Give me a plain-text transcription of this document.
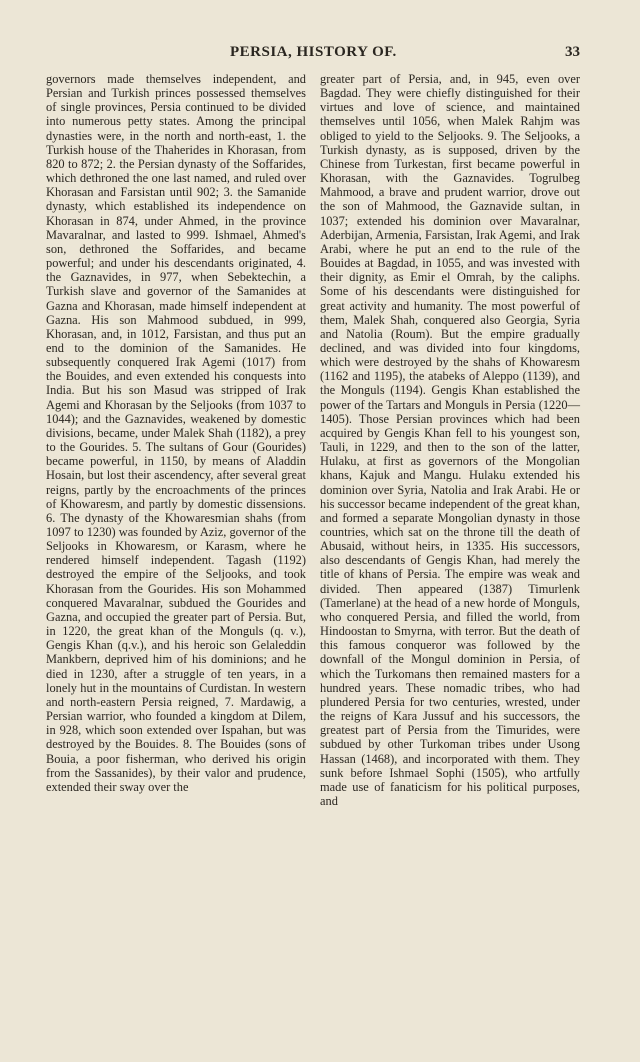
PERSIA, HISTORY OF.	33

governors made themselves independent, and Persian and Turkish princes possessed themselves of single provinces, Persia continued to be divided into numerous petty states. Among the principal dynasties were, in the north and north-east, 1. the Turkish house of the Thaherides in Khorasan, from 820 to 872; 2. the Persian dynasty of the Soffarides, which dethroned the one last named, and ruled over Khorasan and Farsistan until 902; 3. the Samanide dynasty, which established its independence on Khorasan in 874, under Ahmed, in the province Mavaralnar, and lasted to 999. Ishmael, Ahmed's son, dethroned the Soffarides, and became powerful; and under his descendants originated, 4. the Gaznavides, in 977, when Sebektechin, a Turkish slave and governor of the Samanides at Gazna and Khorasan, made himself independent at Gazna. His son Mahmood subdued, in 999, Khorasan, and, in 1012, Farsistan, and thus put an end to the dominion of the Samanides. He subsequently conquered Irak Agemi (1017) from the Bouides, and even extended his conquests into India. But his son Masud was stripped of Irak Agemi and Khorasan by the Seljooks (from 1037 to 1044); and the Gaznavides, weakened by domestic divisions, became, under Malek Shah (1182), a prey to the Gourides. 5. The sultans of Gour (Gourides) became powerful, in 1150, by means of Aladdin Hosain, but lost their ascendency, after several great reigns, partly by the encroachments of the princes of Khowaresm, and partly by domestic dissensions. 6. The dynasty of the Khowaresmian shahs (from 1097 to 1230) was founded by Aziz, governor of the Seljooks in Khowaresm, or Karasm, where he rendered himself independent. Tagash (1192) destroyed the empire of the Seljooks, and took Khorasan from the Gourides. His son Mohammed conquered Mavaralnar, subdued the Gourides and Gazna, and occupied the greater part of Persia. But, in 1220, the great khan of the Monguls (q. v.), Gengis Khan (q.v.), and his heroic son Gelaleddin Mankbern, deprived him of his dominions; and he died in 1230, after a struggle of ten years, in a lonely hut in the mountains of Curdistan. In western and north-eastern Persia reigned, 7. Mardawig, a Persian warrior, who founded a kingdom at Dilem, in 928, which soon extended over Ispahan, but was destroyed by the Bouides. 8. The Bouides (sons of Bouia, a poor fisherman, who derived his origin from the Sassanides), by their valor and prudence, extended their sway over the

greater part of Persia, and, in 945, even over Bagdad. They were chiefly distinguished for their virtues and love of science, and maintained themselves until 1056, when Malek Rahjm was obliged to yield to the Seljooks. 9. The Seljooks, a Turkish dynasty, as is supposed, driven by the Chinese from Turkestan, first became powerful in Khorasan, with the Gaznavides. Togrulbeg Mahmood, a brave and prudent warrior, drove out the son of Mahmood, the Gaznavide sultan, in 1037; extended his dominion over Mavaralnar, Aderbijan, Armenia, Farsistan, Irak Agemi, and Irak Arabi, where he put an end to the rule of the Bouides at Bagdad, in 1055, and was invested with their dignity, as Emir el Omrah, by the caliphs. Some of his descendants were distinguished for great activity and humanity. The most powerful of them, Malek Shah, conquered also Georgia, Syria and Natolia (Roum). But the empire gradually declined, and was divided into four kingdoms, which were destroyed by the shahs of Khowaresm (1162 and 1195), the atabeks of Aleppo (1139), and the Monguls (1194). Gengis Khan established the power of the Tartars and Monguls in Persia (1220—1405). Those Persian provinces which had been acquired by Gengis Khan fell to his youngest son, Tauli, in 1229, and then to the son of the latter, Hulaku, at first as governors of the Mongolian khans, Kajuk and Mangu. Hulaku extended his dominion over Syria, Natolia and Irak Arabi. He or his successor became independent of the great khan, and formed a separate Mongolian dynasty in those countries, which sat on the throne till the death of Abusaid, without heirs, in 1335. His successors, also descendants of Gengis Khan, had merely the title of khans of Persia. The empire was weak and divided. Then appeared (1387) Timurlenk (Tamerlane) at the head of a new horde of Monguls, who conquered Persia, and filled the world, from Hindoostan to Smyrna, with terror. But the death of this famous conqueror was followed by the downfall of the Mongul dominion in Persia, of which the Turkomans then remained masters for a hundred years. These nomadic tribes, who had plundered Persia for two centuries, wrested, under the reigns of Kara Jussuf and his successors, the greatest part of Persia from the Timurides, were subdued by other Turkoman tribes under Usong Hassan (1468), and incorporated with them. They sunk before Ishmael Sophi (1505), who artfully made use of fanaticism for his political purposes, and
